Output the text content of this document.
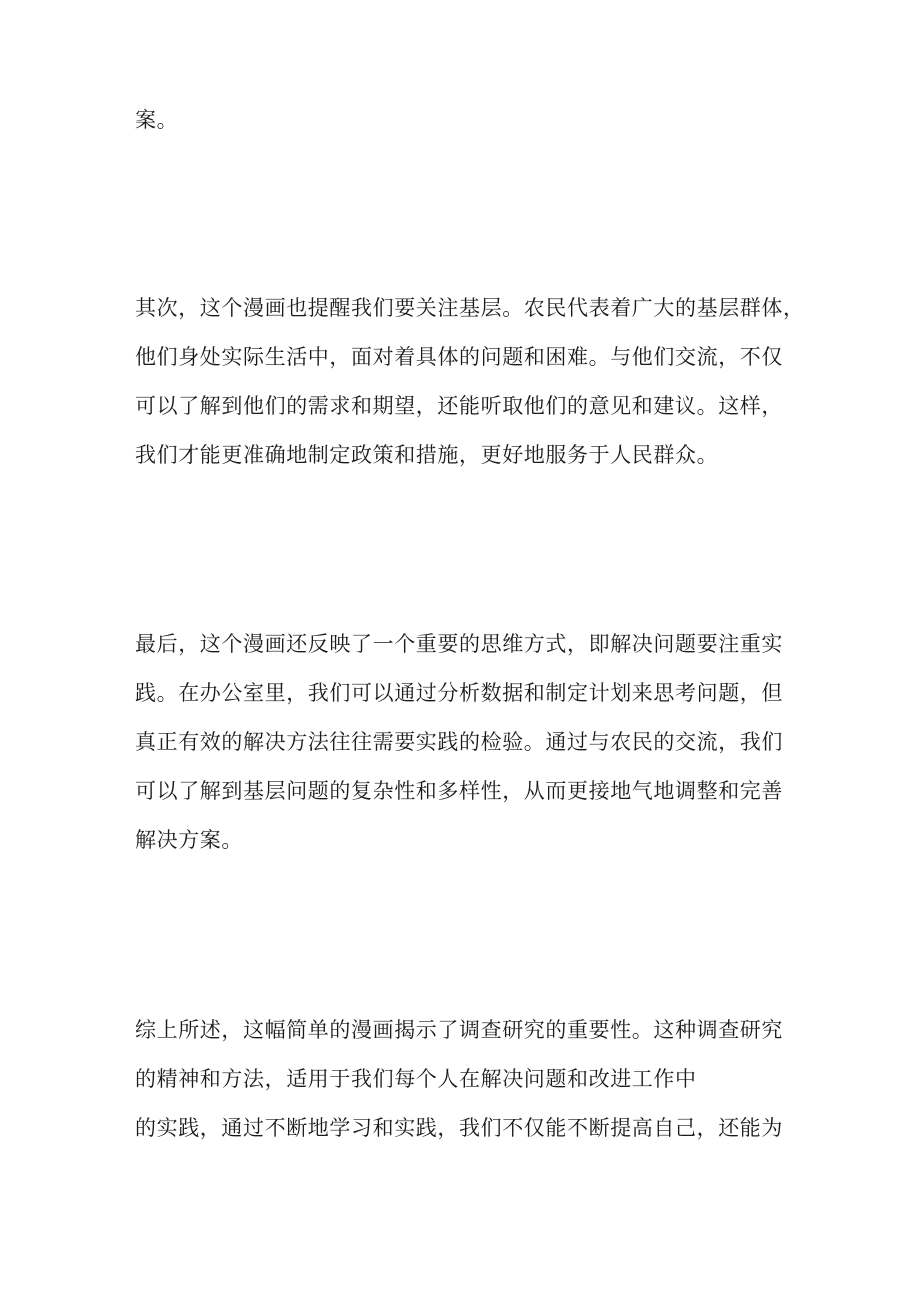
案。
其次，这个漫画也提醒我们要关注基层。农民代表着广大的基层群体，
他们身处实际生活中，面对着具体的问题和困难。与他们交流，不仅
可以了解到他们的需求和期望，还能听取他们的意见和建议。这样，
我们才能更准确地制定政策和措施，更好地服务于人民群众。
最后，这个漫画还反映了一个重要的思维方式，即解决问题要注重实
践。在办公室里，我们可以通过分析数据和制定计划来思考问题，但
真正有效的解决方法往往需要实践的检验。通过与农民的交流，我们
可以了解到基层问题的复杂性和多样性，从而更接地气地调整和完善
解决方案。
综上所述，这幅简单的漫画揭示了调查研究的重要性。这种调查研究
的精神和方法，适用于我们每个人在解决问题和改进工作中
的实践，通过不断地学习和实践，我们不仅能不断提高自己，还能为
